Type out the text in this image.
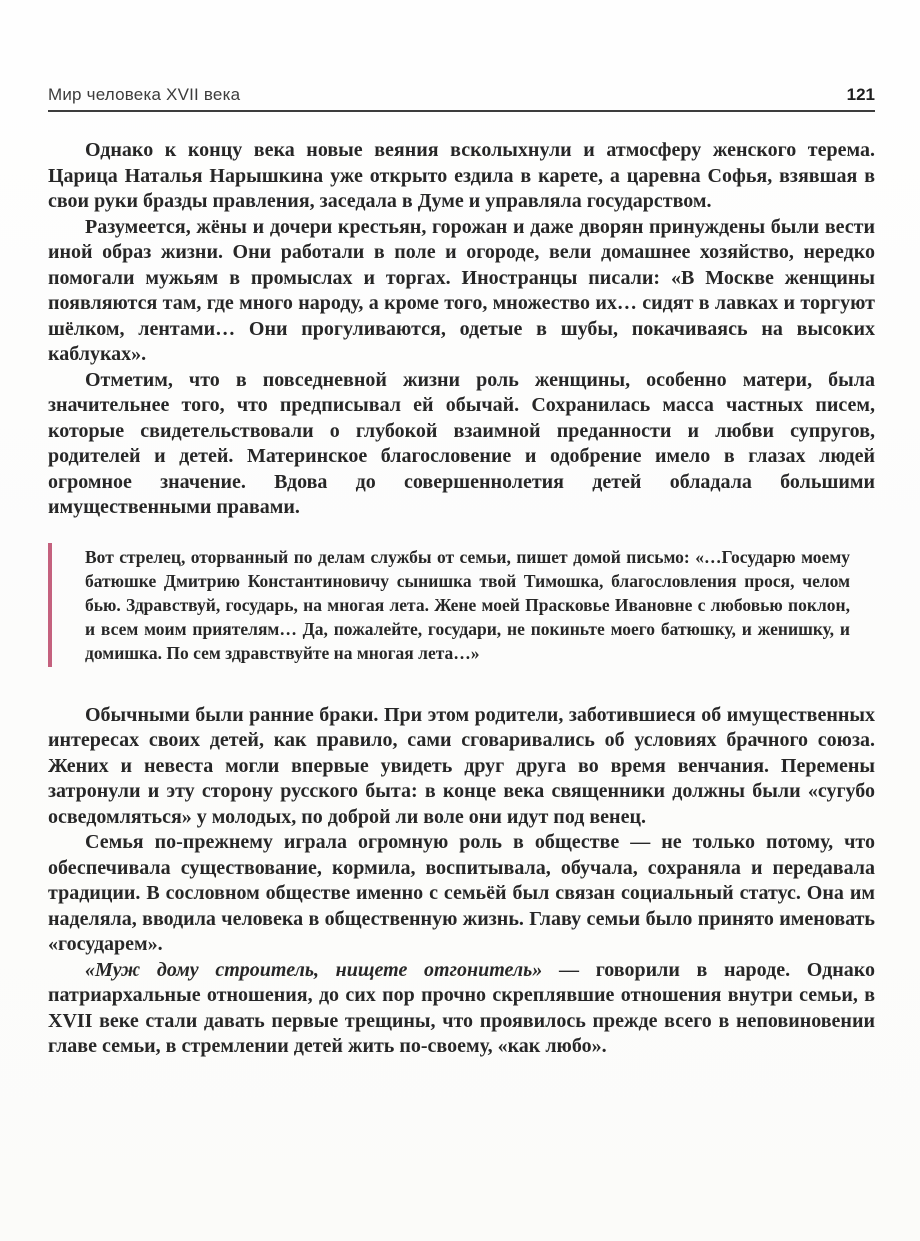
Мир человека XVII века	121

Однако к концу века новые веяния всколыхнули и атмосферу женского терема. Царица Наталья Нарышкина уже открыто ездила в карете, а царевна Софья, взявшая в свои руки бразды правления, заседала в Думе и управляла государством.

Разумеется, жёны и дочери крестьян, горожан и даже дворян принуждены были вести иной образ жизни. Они работали в поле и огороде, вели домашнее хозяйство, нередко помогали мужьям в промыслах и торгах. Иностранцы писали: «В Москве женщины появляются там, где много народу, а кроме того, множество их… сидят в лавках и торгуют шёлком, лентами… Они прогуливаются, одетые в шубы, покачиваясь на высоких каблуках».

Отметим, что в повседневной жизни роль женщины, особенно матери, была значительнее того, что предписывал ей обычай. Сохранилась масса частных писем, которые свидетельствовали о глубокой взаимной преданности и любви супругов, родителей и детей. Материнское благословение и одобрение имело в глазах людей огромное значение. Вдова до совершеннолетия детей обладала большими имущественными правами.

Вот стрелец, оторванный по делам службы от семьи, пишет домой письмо: «…Государю моему батюшке Дмитрию Константиновичу сынишка твой Тимошка, благословления прося, челом бью. Здравствуй, государь, на многая лета. Жене моей Прасковье Ивановне с любовью поклон, и всем моим приятелям… Да, пожалейте, государи, не покиньте моего батюшку, и женишку, и домишка. По сем здравствуйте на многая лета…»

Обычными были ранние браки. При этом родители, заботившиеся об имущественных интересах своих детей, как правило, сами сговаривались об условиях брачного союза. Жених и невеста могли впервые увидеть друг друга во время венчания. Перемены затронули и эту сторону русского быта: в конце века священники должны были «сугубо осведомляться» у молодых, по доброй ли воле они идут под венец.

Семья по-прежнему играла огромную роль в обществе — не только потому, что обеспечивала существование, кормила, воспитывала, обучала, сохраняла и передавала традиции. В сословном обществе именно с семьёй был связан социальный статус. Она им наделяла, вводила человека в общественную жизнь. Главу семьи было принято именовать «государем».

«Муж дому строитель, нищете отгонитель» — говорили в народе. Однако патриархальные отношения, до сих пор прочно скреплявшие отношения внутри семьи, в XVII веке стали давать первые трещины, что проявилось прежде всего в неповиновении главе семьи, в стремлении детей жить по-своему, «как любо».
